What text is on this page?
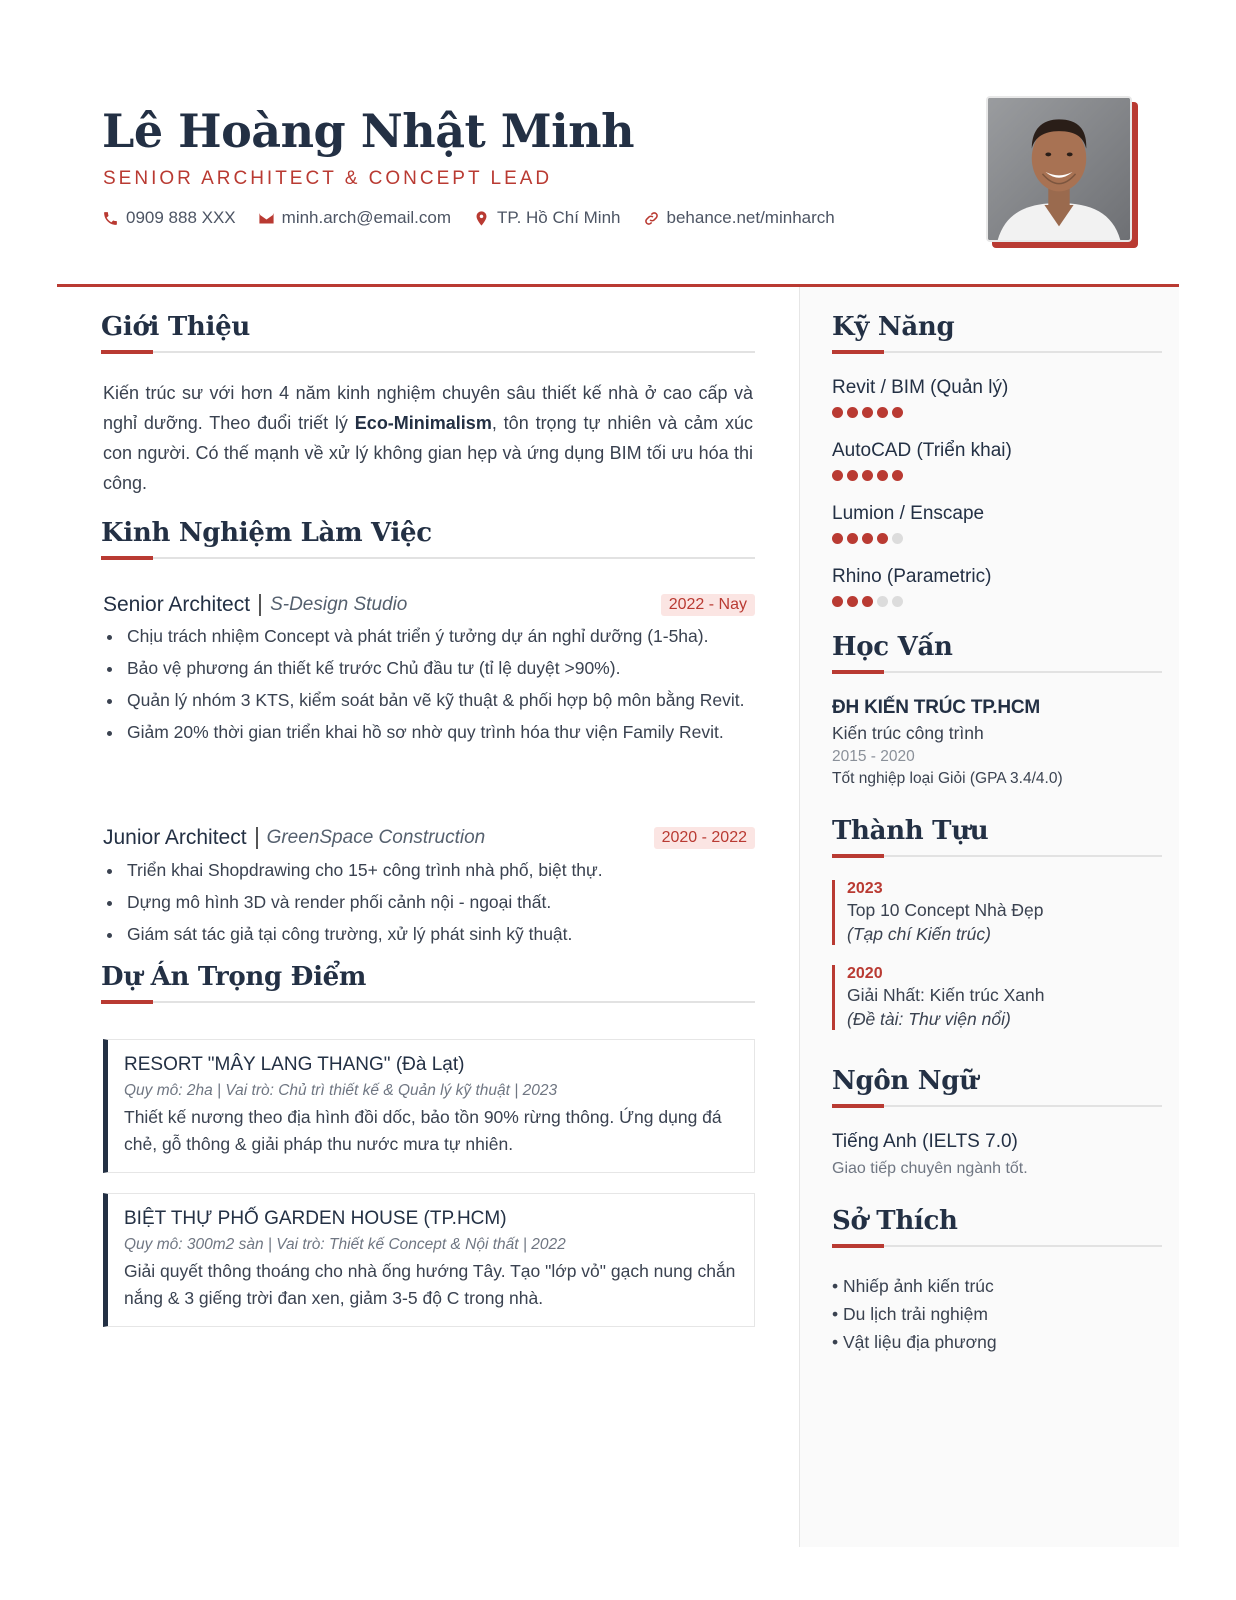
Lê Hoàng Nhật Minh
SENIOR ARCHITECT & CONCEPT LEAD
0909 888 XXX	minh.arch@email.com	TP. Hồ Chí Minh	behance.net/minharch
Giới Thiệu

Kiến trúc sư với hơn 4 năm kinh nghiệm chuyên sâu thiết kế nhà ở cao cấp và nghỉ dưỡng. Theo đuổi triết lý Eco-Minimalism, tôn trọng tự nhiên và cảm xúc con người. Có thế mạnh về xử lý không gian hẹp và ứng dụng BIM tối ưu hóa thi công.

Kinh Nghiệm Làm Việc
Senior Architect S-Design Studio	2022 - Nay
Chịu trách nhiệm Concept và phát triển ý tưởng dự án nghỉ dưỡng (1-5ha).
Bảo vệ phương án thiết kế trước Chủ đầu tư (tỉ lệ duyệt >90%).
Quản lý nhóm 3 KTS, kiểm soát bản vẽ kỹ thuật & phối hợp bộ môn bằng Revit.
Giảm 20% thời gian triển khai hồ sơ nhờ quy trình hóa thư viện Family Revit.
Junior Architect GreenSpace Construction	2020 - 2022
Triển khai Shopdrawing cho 15+ công trình nhà phố, biệt thự.
Dựng mô hình 3D và render phối cảnh nội - ngoại thất.
Giám sát tác giả tại công trường, xử lý phát sinh kỹ thuật.
Dự Án Trọng Điểm
RESORT "MÂY LANG THANG" (Đà Lạt)
Quy mô: 2ha | Vai trò: Chủ trì thiết kế & Quản lý kỹ thuật | 2023
Thiết kế nương theo địa hình đồi dốc, bảo tồn 90% rừng thông. Ứng dụng đá chẻ, gỗ thông & giải pháp thu nước mưa tự nhiên.
BIỆT THỰ PHỐ GARDEN HOUSE (TP.HCM)
Quy mô: 300m2 sàn | Vai trò: Thiết kế Concept & Nội thất | 2022
Giải quyết thông thoáng cho nhà ống hướng Tây. Tạo "lớp vỏ" gạch nung chắn nắng & 3 giếng trời đan xen, giảm 3-5 độ C trong nhà.
Kỹ Năng
Revit / BIM (Quản lý)
AutoCAD (Triển khai)
Lumion / Enscape
Rhino (Parametric)
Học Vấn
ĐH KIẾN TRÚC TP.HCM
Kiến trúc công trình
2015 - 2020
Tốt nghiệp loại Giỏi (GPA 3.4/4.0)
Thành Tựu
2023
Top 10 Concept Nhà Đẹp
(Tạp chí Kiến trúc)
2020
Giải Nhất: Kiến trúc Xanh
(Đề tài: Thư viện nổi)
Ngôn Ngữ
Tiếng Anh (IELTS 7.0)
Giao tiếp chuyên ngành tốt.
Sở Thích
• Nhiếp ảnh kiến trúc
• Du lịch trải nghiệm
• Vật liệu địa phương
